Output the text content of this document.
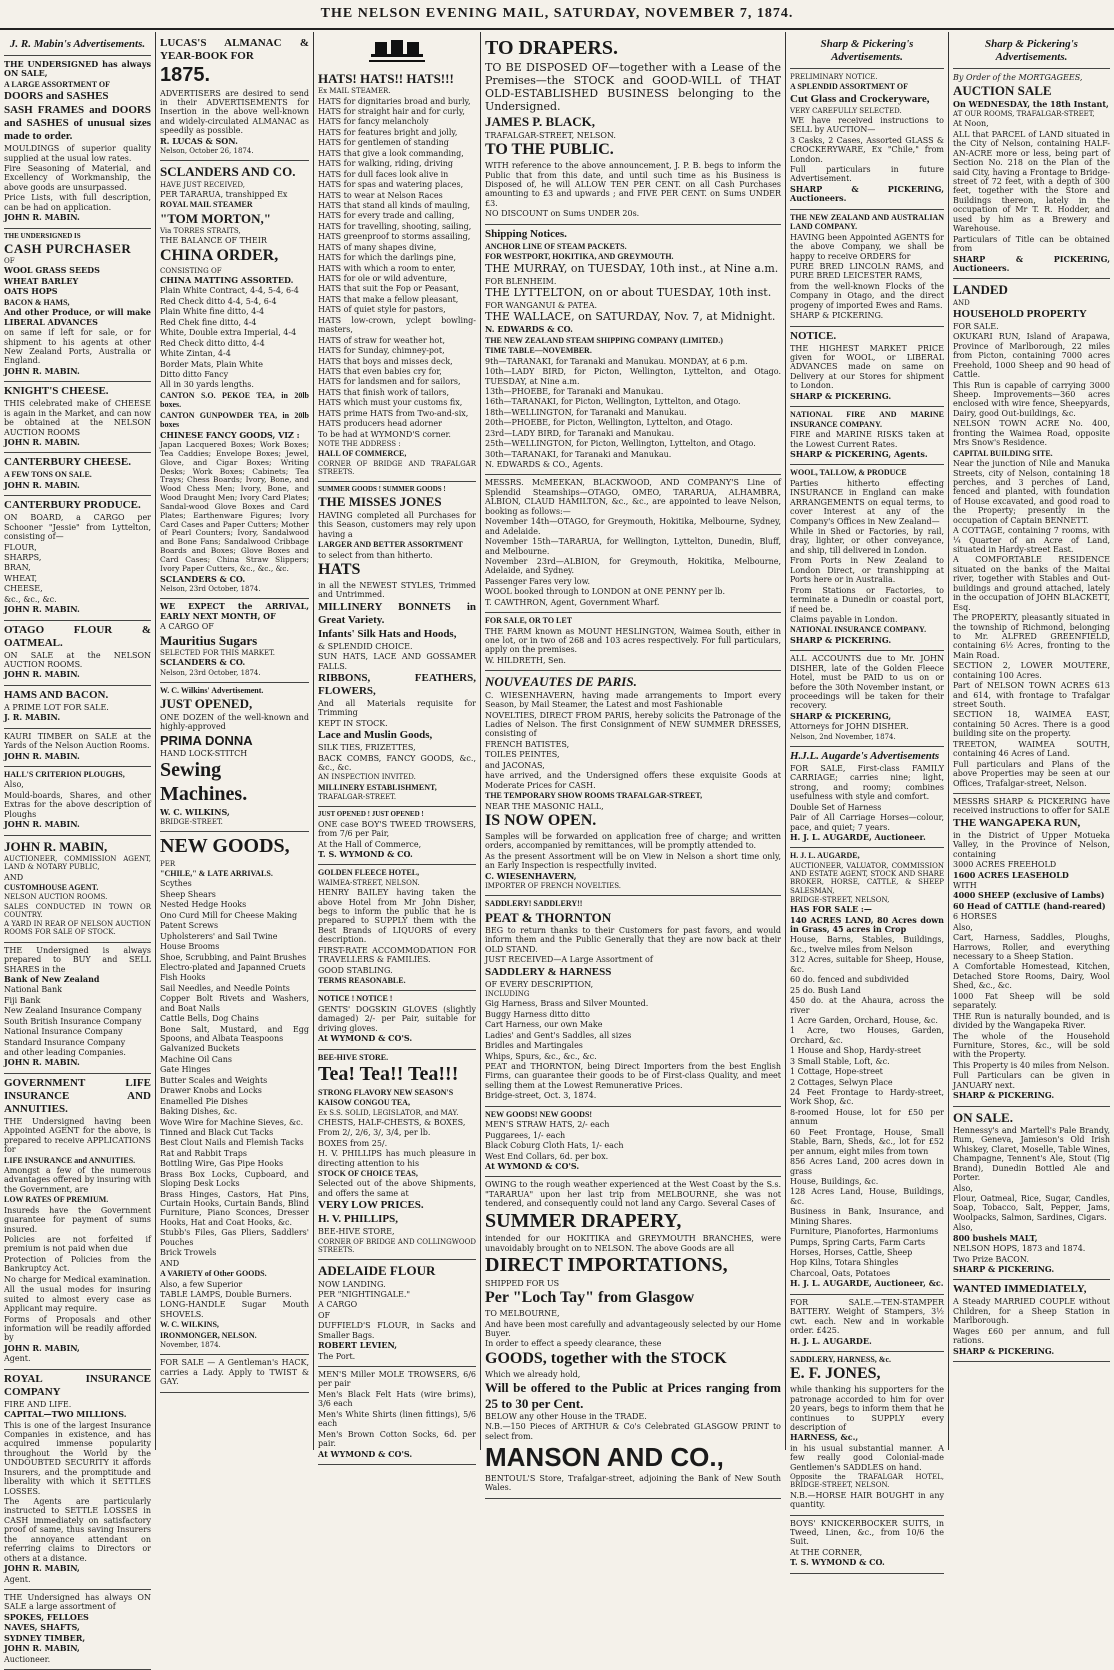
THE NELSON EVENING MAIL, SATURDAY, NOVEMBER 7, 1874.
J. R. Mabin's Advertisements.

THE UNDERSIGNED has always ON SALE,

A LARGE ASSORTMENT OF

DOORS and SASHES

SASH FRAMES and DOORS and SASHES of unusual sizes made to order.

MOULDINGS of superior quality supplied at the usual low rates.

Fire Seasoning of Material, and Excellency of Workmanship, the above goods are unsurpassed.

Price Lists, with full description, can be had on application.

JOHN R. MABIN.

THE UNDERSIGNED IS

CASH PURCHASER

OF

WOOL GRASS SEEDS

WHEAT BARLEY

OATS HOPS

BACON & HAMS,

And other Produce, or will make LIBERAL ADVANCES

on same if left for sale, or for shipment to his agents at other New Zealand Ports, Australia or England.

JOHN R. MABIN.

KNIGHT'S CHEESE.

THIS celebrated make of CHEESE is again in the Market, and can now be obtained at the NELSON AUCTION ROOMS

JOHN R. MABIN.

CANTERBURY CHEESE.

A FEW TONS ON SALE.

JOHN R. MABIN.

CANTERBURY PRODUCE.

ON BOARD, a CARGO per Schooner "Jessie" from Lyttelton, consisting of—

FLOUR,

SHARPS,

BRAN,

WHEAT,

CHEESE,

&c., &c., &c.

JOHN R. MABIN.

OTAGO FLOUR & OATMEAL.

ON SALE at the NELSON AUCTION ROOMS.

JOHN R. MABIN.

HAMS AND BACON.

A PRIME LOT FOR SALE.

J. R. MABIN.

KAURI TIMBER on SALE at the Yards of the Nelson Auction Rooms.

JOHN R. MABIN.

HALL'S CRITERION PLOUGHS,

Also,

Mould-boards, Shares, and other Extras for the above description of Ploughs

JOHN R. MABIN.

JOHN R. MABIN,

AUCTIONEER, COMMISSION AGENT, LAND & NOTARY PUBLIC,

AND

CUSTOMHOUSE AGENT.

NELSON AUCTION ROOMS.

SALES CONDUCTED IN TOWN OR COUNTRY.

A YARD IN REAR OF NELSON AUCTION ROOMS FOR SALE OF STOCK.

THE Undersigned is always prepared to BUY and SELL SHARES in the

Bank of New Zealand

National Bank

Fiji Bank

New Zealand Insurance Company

South British Insurance Company

National Insurance Company

Standard Insurance Company

and other leading Companies.

JOHN R. MABIN.

GOVERNMENT LIFE INSURANCE AND ANNUITIES.

THE Undersigned having been Appointed AGENT for the above, is prepared to receive APPLICATIONS for

LIFE INSURANCE and ANNUITIES.

Amongst a few of the numerous advantages offered by insuring with the Government, are

LOW RATES OF PREMIUM.

Insureds have the Government guarantee for payment of sums insured.

Policies are not forfeited if premium is not paid when due

Protection of Policies from the Bankruptcy Act.

No charge for Medical examination.

All the usual modes for insuring suited to almost every case as Applicant may require.

Forms of Proposals and other information will be readily afforded by

JOHN R. MABIN,

Agent.

ROYAL INSURANCE COMPANY

FIRE AND LIFE.

CAPITAL—TWO MILLIONS.

This is one of the largest Insurance Companies in existence, and has acquired immense popularity throughout the World by the UNDOUBTED SECURITY it affords Insurers, and the promptitude and liberality with which it SETTLES LOSSES.

The Agents are particularly instructed to SETTLE LOSSES in CASH immediately on satisfactory proof of same, thus saving Insurers the annoyance attendant on referring claims to Directors or others at a distance.

JOHN R. MABIN,

Agent.

THE Undersigned has always ON SALE a large assortment of

SPOKES, FELLOES

NAVES, SHAFTS,

SYDNEY TIMBER,

JOHN R. MABIN,

Auctioneer.

LUCAS'S ALMANAC & YEAR-BOOK FOR

1875.

ADVERTISERS are desired to send in their ADVERTISEMENTS for Insertion in the above well-known and widely-circulated ALMANAC as speedily as possible.

R. LUCAS & SON.

Nelson, October 26, 1874.

SCLANDERS AND CO.

HAVE JUST RECEIVED,

PER TARARUA, transhipped Ex

ROYAL MAIL STEAMER

"TOM MORTON,"

Via TORRES STRAITS,

THE BALANCE OF THEIR

CHINA ORDER,

CONSISTING OF

CHINA MATTING ASSORTED.

Plain White Contract, 4-4, 5-4, 6-4

Red Check ditto 4-4, 5-4, 6-4

Plain White fine ditto, 4-4

Red Chek fine ditto, 4-4

White, Double extra Imperial, 4-4

Red Check ditto ditto, 4-4

White Zintan, 4-4

Border Mats, Plain White

Ditto ditto Fancy

All in 30 yards lengths.

CANTON S.O. PEKOE TEA, in 20lb boxes.

CANTON GUNPOWDER TEA, in 20lb boxes

CHINESE FANCY GOODS, VIZ :

Japan Lacquered Boxes; Work Boxes; Tea Caddies; Envelope Boxes; Jewel, Glove, and Cigar Boxes; Writing Desks; Work Boxes; Cabinets; Tea Trays; Chess Boards; Ivory, Bone, and Wood Chess Men; Ivory, Bone, and Wood Draught Men; Ivory Card Plates; Sandal-wood Glove Boxes and Card Plates; Earthenware Figures; Ivory Card Cases and Paper Cutters; Mother of Pearl Counters; Ivory, Sandalwood and Bone Fans; Sandalwood Cribbage Boards and Boxes; Glove Boxes and Card Cases; China Straw Slippers; Ivory Paper Cutters, &c., &c., &c.

SCLANDERS & CO.

Nelson, 23rd October, 1874.

WE EXPECT the ARRIVAL, EARLY NEXT MONTH, OF

A CARGO OF

Mauritius Sugars

SELECTED FOR THIS MARKET.

SCLANDERS & CO.

Nelson, 23rd October, 1874.

W. C. Wilkins' Advertisement.

JUST OPENED,

ONE DOZEN of the well-known and highly-approved

PRIMA DONNA

HAND LOCK-STITCH

Sewing Machines.

W. C. WILKINS,

BRIDGE-STREET.

NEW GOODS,

PER

"CHILE," & LATE ARRIVALS.

Scythes

Sheep Shears

Nested Hedge Hooks

Ono Curd Mill for Cheese Making

Patent Screws

Upholsterers' and Sail Twine

House Brooms

Shoe, Scrubbing, and Paint Brushes

Electro-plated and Japanned Cruets

Fish Hooks

Sail Needles, and Needle Points

Copper Bolt Rivets and Washers, and Boat Nails

Cattle Bells, Dog Chains

Bone Salt, Mustard, and Egg Spoons, and Albata Teaspoons

Galvanized Buckets

Machine Oil Cans

Gate Hinges

Butter Scales and Weights

Drawer Knobs and Locks

Enamelled Pie Dishes

Baking Dishes, &c.

Wove Wire for Machine Sieves, &c.

Tinned and Black Cut Tacks

Best Clout Nails and Flemish Tacks

Rat and Rabbit Traps

Bottling Wire, Gas Pipe Hooks

Brass Box Locks, Cupboard, and Sloping Desk Locks

Brass Hinges, Castors, Hat Pins, Curtain Hooks, Curtain Bands, Blind Furniture, Piano Sconces, Dresser Hooks, Hat and Coat Hooks, &c.

Stubb's Files, Gas Pliers, Saddlers' Pouches

Brick Trowels

AND

A VARIETY of Other GOODS.

Also, a few Superior

TABLE LAMPS, Double Burners.

LONG-HANDLE Sugar Mouth SHOVELS.

W. C. WILKINS,

IRONMONGER, NELSON.

November, 1874.

FOR SALE — A Gentleman's HACK, carries a Lady. Apply to TWIST & GAY.

HATS! HATS!! HATS!!!

Ex MAIL STEAMER.

HATS for dignitaries broad and burly,

HATS for straight hair and for curly,

HATS for fancy melancholy

HATS for features bright and jolly,

HATS for gentlemen of standing

HATS that give a look commanding,

HATS for walking, riding, driving

HATS for dull faces look alive in

HATS for spas and watering places,

HATS to wear at Nelson Races

HATS that stand all kinds of mauling,

HATS for every trade and calling,

HATS for travelling, shooting, sailing,

HATS greenproof to storms assailing,

HATS of many shapes divine,

HATS for which the darlings pine,

HATS with which a room to enter,

HATS for ole or wild adventure,

HATS that suit the Fop or Peasant,

HATS that make a fellow pleasant,

HATS of quiet style for pastors,

HATS low-crown, yclept bowling-masters,

HATS of straw for weather hot,

HATS for Sunday, chimney-pot,

HATS that boys and misses deck,

HATS that even babies cry for,

HATS for landsmen and for sailors,

HATS that finish work of tailors,

HATS which must your customs fix,

HATS prime HATS from Two-and-six,

HATS producers head adorner

To be had at WYMOND'S corner.

NOTE THE ADDRESS :

HALL OF COMMERCE,

CORNER OF BRIDGE AND TRAFALGAR STREETS.

SUMMER GOODS ! SUMMER GOODS !

THE MISSES JONES

HAVING completed all Purchases for this Season, customers may rely upon having a

LARGER AND BETTER ASSORTMENT

to select from than hitherto.

HATS

in all the NEWEST STYLES, Trimmed and Untrimmed.

MILLINERY BONNETS in Great Variety.

Infants' Silk Hats and Hoods,

& SPLENDID CHOICE.

SUN HATS, LACE AND GOSSAMER FALLS.

RIBBONS, FEATHERS, FLOWERS,

And all Materials requisite for Trimming

KEPT IN STOCK.

Lace and Muslin Goods,

SILK TIES, FRIZETTES,

BACK COMBS, FANCY GOODS, &c., &c., &c.

AN INSPECTION INVITED.

MILLINERY ESTABLISHMENT,

TRAFALGAR-STREET.

JUST OPENED ! JUST OPENED !

ONE case BOY'S TWEED TROWSERS, from 7/6 per Pair,

At the Hall of Commerce,

T. S. WYMOND & CO.

GOLDEN FLEECE HOTEL,

WAIMEA-STREET, NELSON.

HENRY BAILEY having taken the above Hotel from Mr John Disher, begs to inform the public that he is prepared to SUPPLY them with the Best Brands of LIQUORS of every description.

FIRST-RATE ACCOMMODATION FOR TRAVELLERS & FAMILIES.

GOOD STABLING.

TERMS REASONABLE.

NOTICE ! NOTICE !

GENTS' DOGSKIN GLOVES (slightly damaged) 2/- per Pair, suitable for driving gloves.

At WYMOND & CO'S.

BEE-HIVE STORE.

Tea! Tea!! Tea!!!

STRONG FLAVORY NEW SEASON'S

KAISOW CONGOU TEA,

Ex S.S. SOLID, LEGISLATOR, and MAY.

CHESTS, HALF-CHESTS, & BOXES,

From 2/, 2/6, 3/, 3/4, per lb.

BOXES from 25/.

H. V. PHILLIPS has much pleasure in directing attention to his

STOCK OF CHOICE TEAS,

Selected out of the above Shipments, and offers the same at

VERY LOW PRICES.

H. V. PHILLIPS,

BEE-HIVE STORE,

CORNER OF BRIDGE AND COLLINGWOOD STREETS.

ADELAIDE FLOUR

NOW LANDING.

PER "NIGHTINGALE."

A CARGO

OF

DUFFIELD'S FLOUR, in Sacks and Smaller Bags.

ROBERT LEVIEN,

The Port.

MEN'S Miller MOLE TROWSERS, 6/6 per pair

Men's Black Felt Hats (wire brims), 3/6 each

Men's White Shirts (linen fittings), 5/6 each

Men's Brown Cotton Socks, 6d. per pair.

At WYMOND & CO'S.

TO DRAPERS.

TO BE DISPOSED OF—together with a Lease of the Premises—the STOCK and GOOD-WILL of THAT OLD-ESTABLISHED BUSINESS belonging to the Undersigned.

JAMES P. BLACK,

TRAFALGAR-STREET, NELSON.

TO THE PUBLIC.

WITH reference to the above announcement, J. P. B. begs to inform the Public that from this date, and until such time as his Business is Disposed of, he will ALLOW TEN PER CENT. on all Cash Purchases amounting to £3 and upwards ; and FIVE PER CENT. on Sums UNDER £3.

NO DISCOUNT on Sums UNDER 20s.

Shipping Notices.

ANCHOR LINE OF STEAM PACKETS.

FOR WESTPORT, HOKITIKA, AND GREYMOUTH.

THE MURRAY, on TUESDAY, 10th inst., at Nine a.m.

FOR BLENHEIM.

THE LYTTELTON, on or about TUESDAY, 10th inst.

FOR WANGANUI & PATEA.

THE WALLACE, on SATURDAY, Nov. 7, at Midnight.

N. EDWARDS & CO.

THE NEW ZEALAND STEAM SHIPPING COMPANY (LIMITED.)

TIME TABLE—NOVEMBER.

9th—TARANAKI, for Taranaki and Manukau. MONDAY, at 6 p.m.

10th—LADY BIRD, for Picton, Wellington, Lyttelton, and Otago. TUESDAY, at Nine a.m.

13th—PHOEBE, for Taranaki and Manukau.

16th—TARANAKI, for Picton, Wellington, Lyttelton, and Otago.

18th—WELLINGTON, for Taranaki and Manukau.

20th—PHOEBE, for Picton, Wellington, Lyttelton, and Otago.

23rd—LADY BIRD, for Taranaki and Manukau.

25th—WELLINGTON, for Picton, Wellington, Lyttelton, and Otago.

30th—TARANAKI, for Taranaki and Manukau.

N. EDWARDS & CO., Agents.

MESSRS. McMEEKAN, BLACKWOOD, AND COMPANY'S Line of Splendid Steamships—OTAGO, OMEO, TARARUA, ALHAMBRA, ALBION, CLAUD HAMILTON, &c., &c., are appointed to leave Nelson, booking as follows:—

November 14th—OTAGO, for Greymouth, Hokitika, Melbourne, Sydney, and Adelaide.

November 15th—TARARUA, for Wellington, Lyttelton, Dunedin, Bluff, and Melbourne.

November 23rd—ALBION, for Greymouth, Hokitika, Melbourne, Adelaide, and Sydney.

Passenger Fares very low.

WOOL booked through to LONDON at ONE PENNY per lb.

T. CAWTHRON, Agent, Government Wharf.

FOR SALE, OR TO LET

THE FARM known as MOUNT HESLINGTON, Waimea South, either in one lot, or in two of 268 and 103 acres respectively. For full particulars, apply on the premises.

W. HILDRETH, Sen.

NOUVEAUTES DE PARIS.

C. WIESENHAVERN, having made arrangements to Import every Season, by Mail Steamer, the Latest and most Fashionable

NOVELTIES, DIRECT FROM PARIS, hereby solicits the Patronage of the Ladies of Nelson. The first Consignment of NEW SUMMER DRESSES, consisting of

FRENCH BATISTES,

TOILES PEINTES,

and JACONAS,

have arrived, and the Undersigned offers these exquisite Goods at Moderate Prices for CASH.

THE TEMPORARY SHOW ROOMS TRAFALGAR-STREET,

NEAR THE MASONIC HALL,

IS NOW OPEN.

Samples will be forwarded on application free of charge; and written orders, accompanied by remittances, will be promptly attended to.

As the present Assortment will be on View in Nelson a short time only, an Early Inspection is respectfully invited.

C. WIESENHAVERN,

IMPORTER OF FRENCH NOVELTIES.

SADDLERY! SADDLERY!!

PEAT & THORNTON

BEG to return thanks to their Customers for past favors, and would inform them and the Public Generally that they are now back at their OLD STAND.

JUST RECEIVED—A Large Assortment of

SADDLERY & HARNESS

OF EVERY DESCRIPTION,

INCLUDING

Gig Harness, Brass and Silver Mounted.

Buggy Harness ditto ditto

Cart Harness, our own Make

Ladies' and Gent's Saddles, all sizes

Bridles and Martingales

Whips, Spurs, &c., &c., &c.

PEAT and THORNTON, being Direct Importers from the best English Firms, can guarantee their goods to be of First-class Quality, and meet selling them at the Lowest Remunerative Prices.

Bridge-street, Oct. 3, 1874.

NEW GOODS! NEW GOODS!

MEN'S STRAW HATS, 2/- each

Puggarees, 1/- each

Black Coburg Cloth Hats, 1/- each

West End Collars, 6d. per box.

At WYMOND & CO'S.

OWING to the rough weather experienced at the West Coast by the S.s. "TARARUA" upon her last trip from MELBOURNE, she was not tendered, and consequently could not land any Cargo. Several Cases of

SUMMER DRAPERY,

intended for our HOKITIKA and GREYMOUTH BRANCHES, were unavoidably brought on to NELSON. The above Goods are all

DIRECT IMPORTATIONS,

SHIPPED FOR US

Per "Loch Tay" from Glasgow

TO MELBOURNE,

And have been most carefully and advantageously selected by our Home Buyer.

In order to effect a speedy clearance, these

GOODS, together with the STOCK

Which we already hold,

Will be offered to the Public at Prices ranging from 25 to 30 per Cent.

BELOW any other House in the TRADE.

N.B.—150 Pieces of ARTHUR & Co's Celebrated GLASGOW PRINT to select from.

MANSON AND CO.,

BENTOUL'S Store, Trafalgar-street, adjoining the Bank of New South Wales.

Sharp & Pickering's Advertisements.

PRELIMINARY NOTICE.

A SPLENDID ASSORTMENT OF

Cut Glass and Crockeryware,

VERY CAREFULLY SELECTED.

WE have received instructions to SELL by AUCTION—

3 Casks, 2 Cases, Assorted GLASS & CROCKERYWARE, Ex "Chile," from London.

Full particulars in future Advertisement.

SHARP & PICKERING, Auctioneers.

THE NEW ZEALAND AND AUSTRALIAN LAND COMPANY.

HAVING been Appointed AGENTS for the above Company, we shall be happy to receive ORDERS for

PURE BRED LINCOLN RAMS, and PURE BRED LEICESTER RAMS,

from the well-known Flocks of the Company in Otago, and the direct progeny of imported Ewes and Rams.

SHARP & PICKERING.

NOTICE.

THE HIGHEST MARKET PRICE given for WOOL, or LIBERAL ADVANCES made on same on Delivery at our Stores for shipment to London.

SHARP & PICKERING.

NATIONAL FIRE AND MARINE INSURANCE COMPANY.

FIRE and MARINE RISKS taken at the Lowest Current Rates.

SHARP & PICKERING, Agents.

WOOL, TALLOW, & PRODUCE

Parties hitherto effecting INSURANCE in England can make ARRANGEMENTS on equal terms, to cover Interest at any of the Company's Offices in New Zealand—

While in Shed or Factories, by rail, dray, lighter, or other conveyance, and ship, till delivered in London.

From Ports in New Zealand to London Direct, or transhipping at Ports here or in Australia.

From Stations or Factories, to terminate a Dunedin or coastal port, if need be.

Claims payable in London.

NATIONAL INSURANCE COMPANY.

SHARP & PICKERING.

ALL ACCOUNTS due to Mr. JOHN DISHER, late of the Golden Fleece Hotel, must be PAID to us on or before the 30th November instant, or proceedings will be taken for their recovery.

SHARP & PICKERING,

Attorneys for JOHN DISHER.

Nelson, 2nd November, 1874.

H.J.L. Augarde's Advertisements

FOR SALE, First-class FAMILY CARRIAGE; carries nine; light, strong, and roomy; combines usefulness with style and comfort.

Double Set of Harness

Pair of All Carriage Horses—colour, pace, and quiet; 7 years.

H. J. L. AUGARDE, Auctioneer.

H. J. L. AUGARDE,

AUCTIONEER, VALUATOR, COMMISSION AND ESTATE AGENT, STOCK AND SHARE BROKER, HORSE, CATTLE, & SHEEP SALESMAN,

BRIDGE-STREET, NELSON,

HAS FOR SALE :—

140 ACRES LAND, 80 Acres down in Grass, 45 acres in Crop

House, Barns, Stables, Buildings, &c., twelve miles from Nelson

312 Acres, suitable for Sheep, House, &c.

60 do. fenced and subdivided

25 do. Bush Land

450 do. at the Ahaura, across the river

1 Acre Garden, Orchard, House, &c.

1 Acre, two Houses, Garden, Orchard, &c.

1 House and Shop, Hardy-street

3 Small Stable, Loft, &c.

1 Cottage, Hope-street

2 Cottages, Selwyn Place

24 Feet Frontage to Hardy-street, Work Shop, &c.

8-roomed House, lot for £50 per annum

60 Feet Frontage, House, Small Stable, Barn, Sheds, &c., lot for £52 per annum, eight miles from town

856 Acres Land, 200 acres down in grass

House, Buildings, &c.

128 Acres Land, House, Buildings, &c.

Business in Bank, Insurance, and Mining Shares.

Furniture, Pianofortes, Harmoniums

Pumps, Spring Carts, Farm Carts

Horses, Horses, Cattle, Sheep

Hop Kilns, Totara Shingles

Charcoal, Oats, Potatoes

H. J. L. AUGARDE, Auctioneer, &c.

FOR SALE.—TEN-STAMPER BATTERY. Weight of Stampers, 3½ cwt. each. New and in workable order. £425.

H. J. L. AUGARDE.

SADDLERY, HARNESS, &c.

E. F. JONES,

while thanking his supporters for the patronage accorded to him for over 20 years, begs to inform them that he continues to SUPPLY every description of

HARNESS, &c.,

in his usual substantial manner. A few really good Colonial-made Gentlemen's SADDLES on hand.

Opposite the TRAFALGAR HOTEL, BRIDGE-STREET, NELSON.

N.B.—HORSE HAIR BOUGHT in any quantity.

BOYS' KNICKERBOCKER SUITS, in Tweed, Linen, &c., from 10/6 the Suit.

At THE CORNER,

T. S. WYMOND & CO.

Sharp & Pickering's Advertisements.

By Order of the MORTGAGEES,

AUCTION SALE

On WEDNESDAY, the 18th Instant,

AT OUR ROOMS, TRAFALGAR-STREET,

At Noon,

ALL that PARCEL of LAND situated in the City of Nelson, containing HALF-AN-ACRE more or less, being part of Section No. 218 on the Plan of the said City, having a Frontage to Bridge-street of 72 feet, with a depth of 300 feet, together with the Store and Buildings thereon, lately in the occupation of Mr T. R. Hodder, and used by him as a Brewery and Warehouse.

Particulars of Title can be obtained from

SHARP & PICKERING, Auctioneers.

LANDED

AND

HOUSEHOLD PROPERTY

FOR SALE.

OKUKARI RUN, Island of Arapawa, Province of Marlborough, 22 miles from Picton, containing 7000 acres Freehold, 1000 Sheep and 90 head of Cattle.

This Run is capable of carrying 3000 Sheep. Improvements—360 acres enclosed with wire fence, Sheepyards, Dairy, good Out-buildings, &c.

NELSON TOWN ACRE No. 400, fronting the Waimea Road, opposite Mrs Snow's Residence.

CAPITAL BUILDING SITE.

Near the junction of Nile and Manuka Streets, city of Nelson, containing 18 perches, and 3 perches of Land, fenced and planted, with foundation of House excavated, and good road to the Property; presently in the occupation of Captain BENNETT.

A COTTAGE, containing 7 rooms, with ¼ Quarter of an Acre of Land, situated in Hardy-street East.

A COMFORTABLE RESIDENCE situated on the banks of the Maitai river, together with Stables and Out-buildings and ground attached, lately in the occupation of JOHN BLACKETT, Esq.

The PROPERTY, pleasantly situated in the township of Richmond, belonging to Mr. ALFRED GREENFIELD, containing 6½ Acres, fronting to the Main Road.

SECTION 2, LOWER MOUTERE, containing 100 Acres.

Part of NELSON TOWN ACRES 613 and 614, with frontage to Trafalgar street South.

SECTION 18, WAIMEA EAST, containing 50 Acres. There is a good building site on the property.

TREETON, WAIMEA SOUTH, containing 46 Acres of Land.

Full particulars and Plans of the above Properties may be seen at our Offices, Trafalgar-street, Nelson.

MESSRS SHARP & PICKERING have received instructions to offer for SALE

THE WANGAPEKA RUN,

in the District of Upper Motueka Valley, in the Province of Nelson, containing

3000 ACRES FREEHOLD

1600 ACRES LEASEHOLD

WITH

4000 SHEEP (exclusive of Lambs)

60 Head of CATTLE (hand-reared)

6 HORSES

Also,

Cart, Harness, Saddles, Ploughs, Harrows, Roller, and everything necessary to a Sheep Station.

A Comfortable Homestead, Kitchen, Detached Store Rooms, Dairy, Wool Shed, &c., &c.

1000 Fat Sheep will be sold separately.

THE Run is naturally bounded, and is divided by the Wangapeka River.

The whole of the Household Furniture, Stores, &c., will be sold with the Property.

This Property is 40 miles from Nelson.

Full Particulars can be given in JANUARY next.

SHARP & PICKERING.

ON SALE.

Hennessy's and Martell's Pale Brandy, Rum, Geneva, Jamieson's Old Irish Whiskey, Claret, Moselle, Table Wines, Champagne, Tennent's Ale, Stout (Tig Brand), Dunedin Bottled Ale and Porter.

Also,

Flour, Oatmeal, Rice, Sugar, Candles, Soap, Tobacco, Salt, Pepper, Jams, Woolpacks, Salmon, Sardines, Cigars.

Also,

800 bushels MALT,

NELSON HOPS, 1873 and 1874.

Two Prize BACON.

SHARP & PICKERING.

WANTED IMMEDIATELY,

A Steady MARRIED COUPLE without Children, for a Sheep Station in Marlborough.

Wages £60 per annum, and full rations.

SHARP & PICKERING.
